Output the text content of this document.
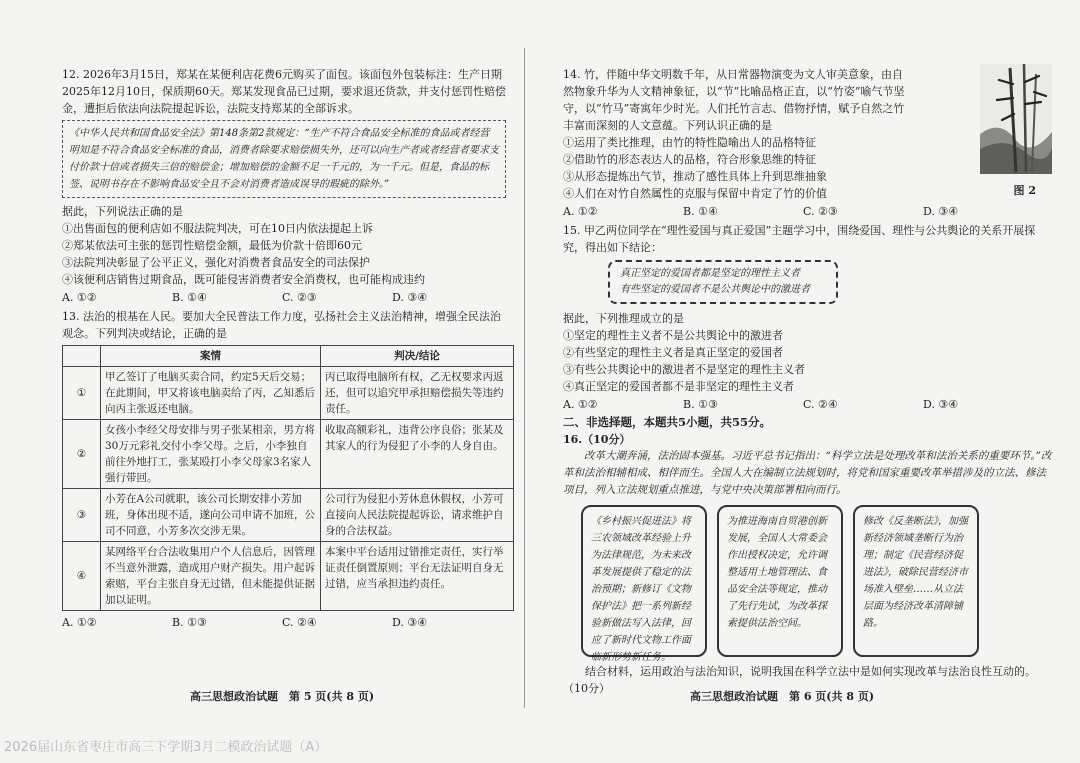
12. 2026年3月15日，郑某在某便利店花费6元购买了面包。该面包外包装标注：生产日期2025年12月10日，保质期60天。郑某发现食品已过期，要求退还货款，并支付惩罚性赔偿金，遭拒后依法向法院提起诉讼，法院支持郑某的全部诉求。

《中华人民共和国食品安全法》第148条第2款规定：“生产不符合食品安全标准的食品或者经营明知是不符合食品安全标准的食品，消费者除要求赔偿损失外，还可以向生产者或者经营者要求支付价款十倍或者损失三倍的赔偿金；增加赔偿的金额不足一千元的，为一千元。但是，食品的标签、说明书存在不影响食品安全且不会对消费者造成误导的瑕疵的除外。”

据此，下列说法正确的是

①出售面包的便利店如不服法院判决，可在10日内依法提起上诉
②郑某依法可主张的惩罚性赔偿金额，最低为价款十倍即60元
③法院判决彰显了公平正义，强化对消费者食品安全的司法保护
④该便利店销售过期食品，既可能侵害消费者安全消费权，也可能构成违约
A. ①②	B. ①④	C. ②③	D. ③④

13. 法治的根基在人民。要加大全民普法工作力度，弘扬社会主义法治精神，增强全民法治观念。下列判决或结论，正确的是

	案情	判决/结论
①	甲乙签订了电脑买卖合同，约定5天后交易；在此期间，甲又将该电脑卖给了丙，乙知悉后向丙主张返还电脑。	丙已取得电脑所有权，乙无权要求丙返还，但可以追究甲承担赔偿损失等违约责任。
②	女孩小李经父母安排与男子张某相亲，男方将30万元彩礼交付小李父母。之后，小李独自前往外地打工，张某殴打小李父母家3名家人强行带回。	收取高额彩礼，违背公序良俗；张某及其家人的行为侵犯了小李的人身自由。
③	小芳在A公司就职，该公司长期安排小芳加班，身体出现不适，遂向公司申请不加班，公司不同意，小芳多次交涉无果。	公司行为侵犯小芳休息休假权，小芳可直接向人民法院提起诉讼，请求维护自身的合法权益。
④	某网络平台合法收集用户个人信息后，因管理不当意外泄露，造成用户财产损失。用户起诉索赔，平台主张自身无过错，但未能提供证据加以证明。	本案中平台适用过错推定责任，实行举证责任倒置原则；平台无法证明自身无过错，应当承担违约责任。
A. ①②	B. ①③	C. ②④	D. ③④

14. 竹，伴随中华文明数千年，从日常器物演变为文人审美意象，由自然物象升华为人文精神象征，以“节”比喻品格正直，以“竹姿”喻气节坚守，以“竹马”寄寓年少时光。人们托竹言志、借物抒情，赋予自然之竹丰富而深刻的人文意蕴。下列认识正确的是

①运用了类比推理，由竹的特性隐喻出人的品格特征
②借助竹的形态表达人的品格，符合形象思维的特征
③从形态提炼出气节，推动了感性具体上升到思维抽象
④人们在对竹自然属性的克服与保留中肯定了竹的价值
A. ①②	B. ①④	C. ②③	D. ③④

15. 甲乙两位同学在“理性爱国与真正爱国”主题学习中，围绕爱国、理性与公共舆论的关系开展探究，得出如下结论：

真正坚定的爱国者都是坚定的理性主义者
有些坚定的爱国者不是公共舆论中的激进者

据此，下列推理成立的是

①坚定的理性主义者不是公共舆论中的激进者
②有些坚定的理性主义者是真正坚定的爱国者
③有些公共舆论中的激进者不是坚定的理性主义者
④真正坚定的爱国者都不是非坚定的理性主义者
A. ①②	B. ①③	C. ②④	D. ③④
二、非选择题，本题共5小题，共55分。
16.（10分）

改革大潮奔涌，法治固本强基。习近平总书记指出：“科学立法是处理改革和法治关系的重要环节。”改革和法治相辅相成、相伴而生。全国人大在编制立法规划时，将党和国家重要改革举措涉及的立法、修法项目，列入立法规划重点推进，与党中央决策部署相向而行。

《乡村振兴促进法》将三农领域改革经验上升为法律规范，为未来改革发展提供了稳定的法治预期；新修订《文物保护法》把一系列新经验新做法写入法律，回应了新时代文物工作面临新形势新任务。
为推进海南自贸港创新发展，全国人大常委会作出授权决定，允许调整适用土地管理法、食品安全法等规定，推动了先行先试，为改革探索提供法治空间。
修改《反垄断法》，加强新经济领域垄断行为治理；制定《民营经济促进法》，破除民营经济市场准入壁垒……从立法层面为经济改革清障铺路。

结合材料，运用政治与法治知识，说明我国在科学立法中是如何实现改革与法治良性互动的。（10分）

图 2
高三思想政治试题　第 5 页(共 8 页)	高三思想政治试题　第 6 页(共 8 页)
2026届山东省枣庄市高三下学期3月二模政治试题（A）
